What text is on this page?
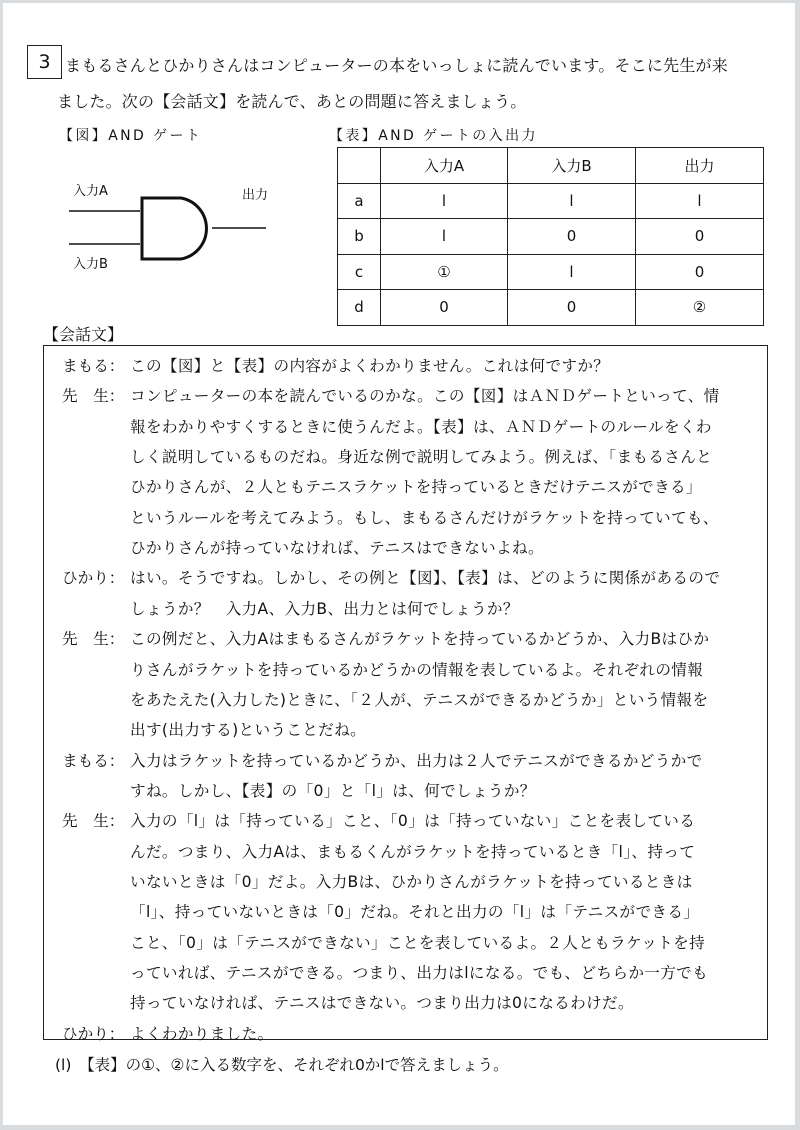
3 まもるさんとひかりさんはコンピューターの本をいっしょに読んでいます。そこに先生が来
ました。次の【会話文】を読んで、あとの問題に答えましょう。
【図】AND ゲート
入力A
入力B
出力
【表】AND ゲートの入出力
	入力A	入力B	出力
a	l	l	l
b	l	0	0
c	①	l	0
d	0	0	②
【会話文】
まもる： この【図】と【表】の内容がよくわかりません。これは何ですか？
先　生： コンピューターの本を読んでいるのかな。この【図】はＡＮＤゲートといって、情
報をわかりやすくするときに使うんだよ。【表】は、ＡＮＤゲートのルールをくわ
しく説明しているものだね。身近な例で説明してみよう。例えば、「まもるさんと
ひかりさんが、２人ともテニスラケットを持っているときだけテニスができる」
というルールを考えてみよう。もし、まもるさんだけがラケットを持っていても、
ひかりさんが持っていなければ、テニスはできないよね。
ひかり： はい。そうですね。しかし、その例と【図】、【表】は、どのように関係があるので
しょうか？　入力A、入力B、出力とは何でしょうか？
先　生： この例だと、入力Aはまもるさんがラケットを持っているかどうか、入力Bはひか
りさんがラケットを持っているかどうかの情報を表しているよ。それぞれの情報
をあたえた(入力した)ときに、「２人が、テニスができるかどうか」という情報を
出す(出力する)ということだね。
まもる： 入力はラケットを持っているかどうか、出力は２人でテニスができるかどうかで
すね。しかし、【表】の「0」と「l」は、何でしょうか？
先　生： 入力の「l」は「持っている」こと、「0」は「持っていない」ことを表している
んだ。つまり、入力Aは、まもるくんがラケットを持っているとき「l」、持って
いないときは「0」だよ。入力Bは、ひかりさんがラケットを持っているときは
「l」、持っていないときは「0」だね。それと出力の「l」は「テニスができる」
こと、「0」は「テニスができない」ことを表しているよ。２人ともラケットを持
っていれば、テニスができる。つまり、出力はlになる。でも、どちらか一方でも
持っていなければ、テニスはできない。つまり出力は0になるわけだ。
ひかり： よくわかりました。
(l)　【表】の①、②に入る数字を、それぞれ0かlで答えましょう。
